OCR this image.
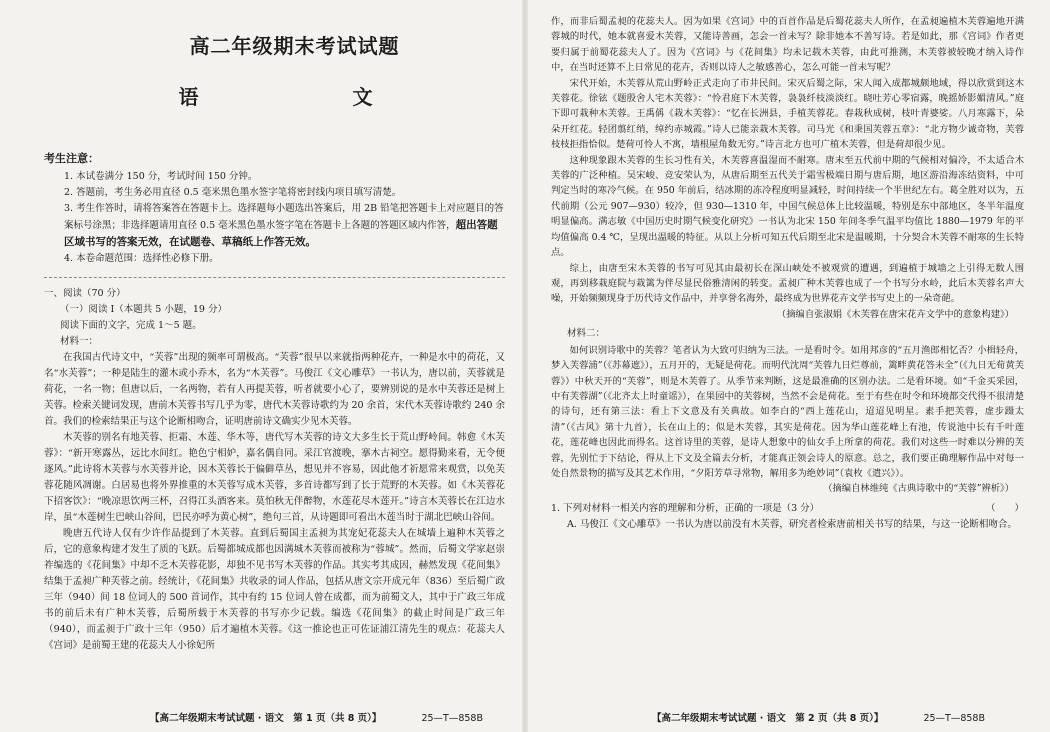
高二年级期末考试试题
语　　文
考生注意：
1. 本试卷满分 150 分，考试时间 150 分钟。
2. 答题前，考生务必用直径 0.5 毫米黑色墨水签字笔将密封线内项目填写清楚。
3. 考生作答时，请将答案答在答题卡上。选择题每小题选出答案后，用 2B 铅笔把答题卡上对应题目的答案标号涂黑；非选择题请用直径 0.5 毫米黑色墨水签字笔在答题卡上各题的答题区域内作答，超出答题区域书写的答案无效，在试题卷、草稿纸上作答无效。
4. 本卷命题范围：选择性必修下册。
一、阅读（70 分）
（一）阅读 I（本题共 5 小题，19 分）
阅读下面的文字，完成 1～5 题。
材料一：

在我国古代诗文中，“芙蓉”出现的频率可谓极高。“芙蓉”很早以来就指两种花卉，一种是水中的荷花，又名“水芙蓉”；一种是陆生的灌木或小乔木，名为“木芙蓉”。马俊江《文心雕草》一书认为，唐以前，芙蓉就是荷花，一名一物；但唐以后，一名两物，若有人再提芙蓉，听者就要小心了，要辨别说的是水中芙蓉还是树上芙蓉。检索关键词发现，唐前木芙蓉书写几乎为零，唐代木芙蓉诗歌约为 20 余首，宋代木芙蓉诗歌约 240 余首。我们的检索结果正与这个论断相吻合，证明唐前诗文确实少见木芙蓉。

木芙蓉的别名有地芙蓉、拒霜、木莲、华木等，唐代写木芙蓉的诗文大多生长于荒山野岭间。韩愈《木芙蓉》：“新开寒露丛，远比水间红。艳色宁相妒，嘉名偶自同。采江官渡晚，搴木古祠空。愿得勤来看，无令便逐风。”此诗将木芙蓉与水芙蓉并论，因木芙蓉长于偏僻草丛，想见并不容易，因此他才祈愿常来观赏，以免芙蓉花随风凋谢。白居易也将外界推重的木芙蓉写成木芙蓉，多首诗都写到了长于荒野的木芙蓉。如《木芙蓉花下招客饮》：“晚凉思饮两三杯，召得江头酒客来。莫怕秋无伴醉物，水莲花尽木莲开。”诗言木芙蓉长在江边水岸，虽“木莲树生巴峡山谷间，巴民亦呼为黄心树”，绝句三首，从诗题即可看出木莲当时于湖北巴峡山谷间。

晚唐五代诗人仅有少许作品提到了木芙蓉。直到后蜀国主孟昶为其宠妃花蕊夫人在城墙上遍种木芙蓉之后，它的意象构建才发生了质的飞跃。后蜀都城成都也因满城木芙蓉而被称为“蓉城”。然而，后蜀文学家赵崇祚编选的《花间集》中却不乏木芙蓉花影，却独不见书写木芙蓉的作品。其实考其成因，赫然发现《花间集》结集于孟昶广种芙蓉之前。经统计，《花间集》共收录的词人作品，包括从唐文宗开成元年（836）至后蜀广政三年（940）间 18 位词人的 500 首词作，其中有约 15 位词人曾在成都，而为前蜀文人，其中于广政三年成书的前后未有广种木芙蓉，后蜀所载于木芙蓉的书写亦少记载。编选《花间集》的截止时间是广政三年（940），而孟昶于广政十三年（950）后才遍植木芙蓉。《这一推论也正可佐证浦江清先生的观点：花蕊夫人《宫词》是前蜀王建的花蕊夫人小徐妃所

【高二年级期末考试试题 · 语文　第 1 页（共 8 页）】	25—T—858B

作，而非后蜀孟昶的花蕊夫人。因为如果《宫词》中的百首作品是后蜀花蕊夫人所作，在孟昶遍植木芙蓉遍地开满蓉城的时代，她本就喜爱木芙蓉，又能诗善画，怎会一首未写？除非她本不善写诗。若是如此，那《宫词》作者更要归属于前蜀花蕊夫人了。因为《宫词》与《花间集》均未记载木芙蓉，由此可推测，木芙蓉被较晚才纳入诗作中，在当时还算不上日常见的花卉，否则以诗人之敏感善心，怎么可能一首未写呢？

宋代开始，木芙蓉从荒山野岭正式走向了市井民间。宋灭后蜀之际，宋人闻入成都城颇地域，得以欣赏到这木芙蓉花。徐铉《题殷舍人宅木芙蓉》：“怜君庭下木芙蓉，袅袅纤枝淡淡红。晓吐芳心零宿露，晚摇娇影媚清风。”庭下即可栽种木芙蓉。王禹偁《栽木芙蓉》：“忆在长洲县，手植芙蓉花。春栽秋成树，枝叶青婆娑。八月寒露下，朵朵开红花。轻团翦红绡，绰约赤城霞。”诗人已能亲栽木芙蓉。司马光《和秉国芙蓉五章》：“北方物少诚奇物，芙蓉枝枝拒指恰似。楚荷可怜人不寓，墙根屋角数无穷。”诗言北方也可广植木芙蓉，但是荷却很少见。

这种现象跟木芙蓉的生长习性有关，木芙蓉喜温湿而不耐寒。唐末至五代前中期的气候相对偏冷，不太适合木芙蓉的广泛种植。吴宋峻、竞安荣认为，从唐后期至五代关于霜雪极端日期与唐后期，地区游沿海冻结资料，中可判定当时的寒冷气候。在 950 年前后，结冰期的冻冷程度明显减轻，时间持续一个半世纪左右。葛全胜对以为，五代前期（公元 907—930）较冷，但 930—1310 年，中国气候总体上比较温暖，特别是东中部地区，冬半年温度明显偏高。满志敏《中国历史时期气候变化研究》一书认为北宋 150 年间冬季气温平均值比 1880—1979 年的平均值偏高 0.4 ℃，呈现出温暖的特征。从以上分析可知五代后期至北宋是温暖期，十分契合木芙蓉不耐寒的生长特点。

综上，由唐至宋木芙蓉的书写可见其由最初长在深山峡处不被观赏的遭遇，到遍植于城墙之上引得无数人围观，再到移栽庭院与栽篱为伴尽显民俗雅清闲的转变。孟昶广种木芙蓉也成了一个书写分水岭，此后木芙蓉名声大噪，开始频频现身于历代诗文作品中，并享誉名海外，最终成为世界花卉文学书写史上的一朵奇葩。

（摘编自张淑娟《木芙蓉在唐宋花卉文学中的意象构建》）
材料二：

如何识别诗歌中的芙蓉？笔者认为大致可归纳为三法。一是看时令。如用邦彦的“五月渔郎相忆否？小楫轻舟，梦入芙蓉浦”（《苏幕遮》），五月开的，无疑是荷花。而明代沈周“芙蓉九日烂尊前，篱畔黄花答未全”（《九日无荀黄芙蓉》）中秋天开的“芙蓉”，则是木芙蓉了。从季节来判断，这是最准确的区别办法。二是看环境。如“千金买采园，中有芙蓉湖”（《北齐太上时童谣》），在果园中的芙蓉树，当然不会是荷花。至于有些在时令和环境都交代得不很清楚的诗句，还有第三法：看上下文意及有关典故。如李白的“西上莲花山，迢迢见明星。素手把芙蓉，虚步蹑太清”（《古风》第十九首），长在山上的；似是木芙蓉，其实是荷花。因为华山莲花峰上有池，传说池中长有千叶莲花，莲花峰也因此而得名。这首诗里的芙蓉，是诗人想象中的仙女手上所拿的荷花。我们对这些一时难以分辨的芙蓉，先别忙于下结论，得从上下文及全篇去分析，才能真正领会诗人的原意。总之，我们要正确理解作品中对每一处自然景物的描写及其艺术作用，“夕阳芳草寻常物，解用多为绝妙词”（袁枚《遣兴》）。

（摘编自林维纯《古典诗歌中的“芙蓉”辨析》）
1. 下列对材料一相关内容的理解和分析，正确的一项是（3 分）	（　　）
A. 马俊江《文心雕草》一书认为唐以前没有木芙蓉，研究者检索唐前相关书写的结果，与这一论断相吻合。
【高二年级期末考试试题 · 语文　第 2 页（共 8 页）】	25—T—858B
